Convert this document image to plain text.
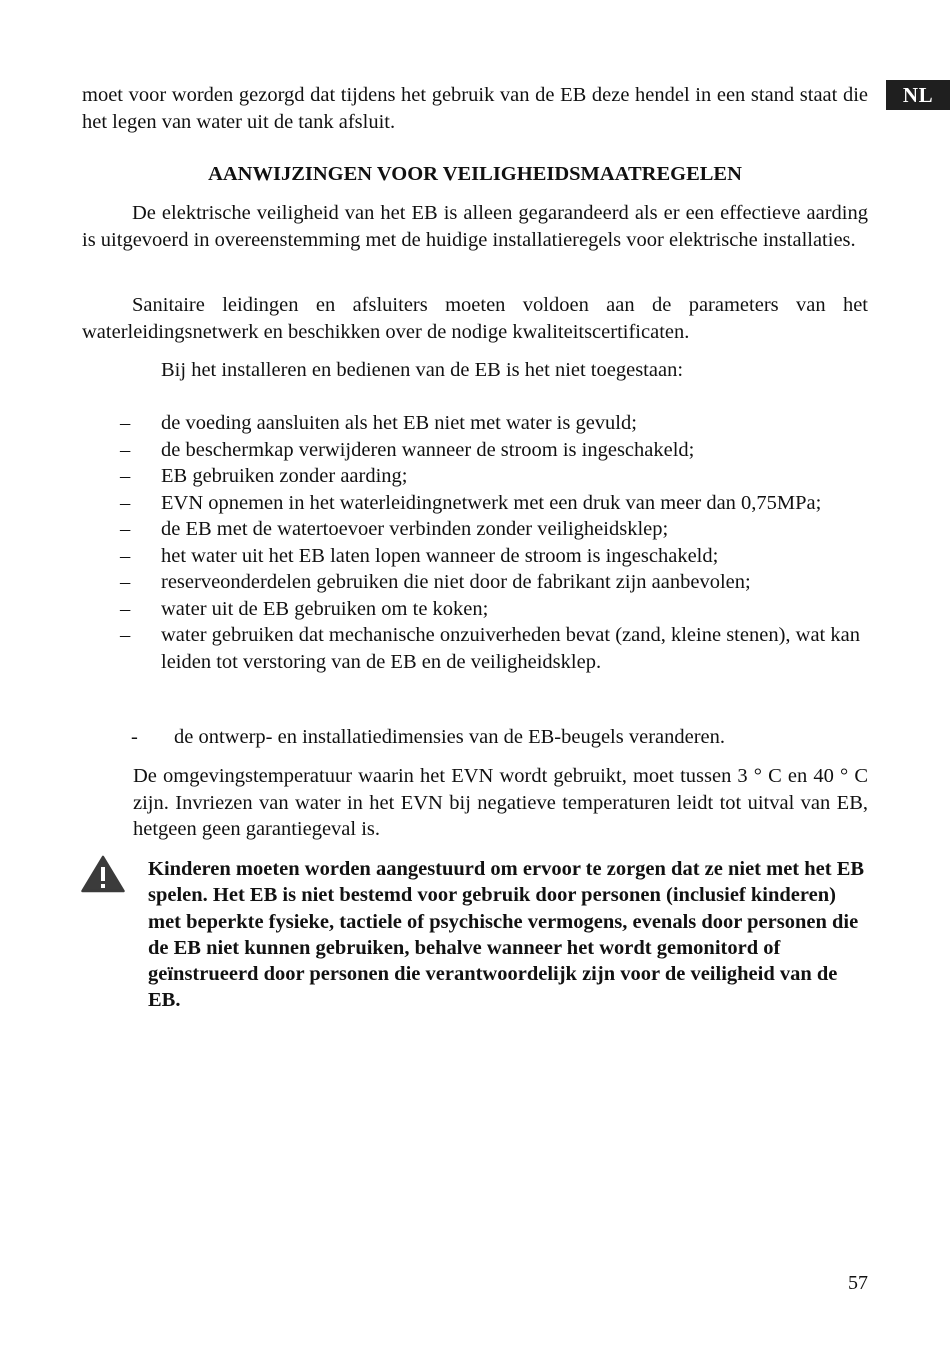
NL

moet voor worden gezorgd dat tijdens het gebruik van de EB deze hendel in een stand staat die het legen van water uit de tank afsluit.

AANWIJZINGEN VOOR VEILIGHEIDSMAATREGELEN

De elektrische veiligheid van het EB is alleen gegarandeerd als er een effectieve aarding is uitgevoerd in overeenstemming met de huidige installatieregels voor elektrische installaties.

Sanitaire leidingen en afsluiters moeten voldoen aan de parameters van het waterleidingsnetwerk en beschikken over de nodige kwaliteitscertificaten.

Bij het installeren en bedienen van de EB is het niet toegestaan:

– de voeding aansluiten als het EB niet met water is gevuld;
– de beschermkap verwijderen wanneer de stroom is ingeschakeld;
– EB gebruiken zonder aarding;
– EVN opnemen in het waterleidingnetwerk met een druk van meer dan 0,75MPa;
– de EB met de watertoevoer verbinden zonder veiligheidsklep;
– het water uit het EB laten lopen wanneer de stroom is ingeschakeld;
– reserveonderdelen gebruiken die niet door de fabrikant zijn aanbevolen;
– water uit de EB gebruiken om te koken;
– water gebruiken dat mechanische onzuiverheden bevat (zand, kleine stenen), wat kan leiden tot verstoring van de EB en de veiligheidsklep.
- de ontwerp- en installatiedimensies van de EB-beugels veranderen.

De omgevingstemperatuur waarin het EVN wordt gebruikt, moet tussen 3 ° C en 40 ° C zijn. Invriezen van water in het EVN bij negatieve temperaturen leidt tot uitval van EB, hetgeen geen garantiegeval is.

Kinderen moeten worden aangestuurd om ervoor te zorgen dat ze niet met het EB spelen. Het EB is niet bestemd voor gebruik door personen (inclusief kinderen) met beperkte fysieke, tactiele of psychische vermogens, evenals door personen die de EB niet kunnen gebruiken, behalve wanneer het wordt gemonitord of geïnstrueerd door personen die verantwoordelijk zijn voor de veiligheid van de EB.

57
